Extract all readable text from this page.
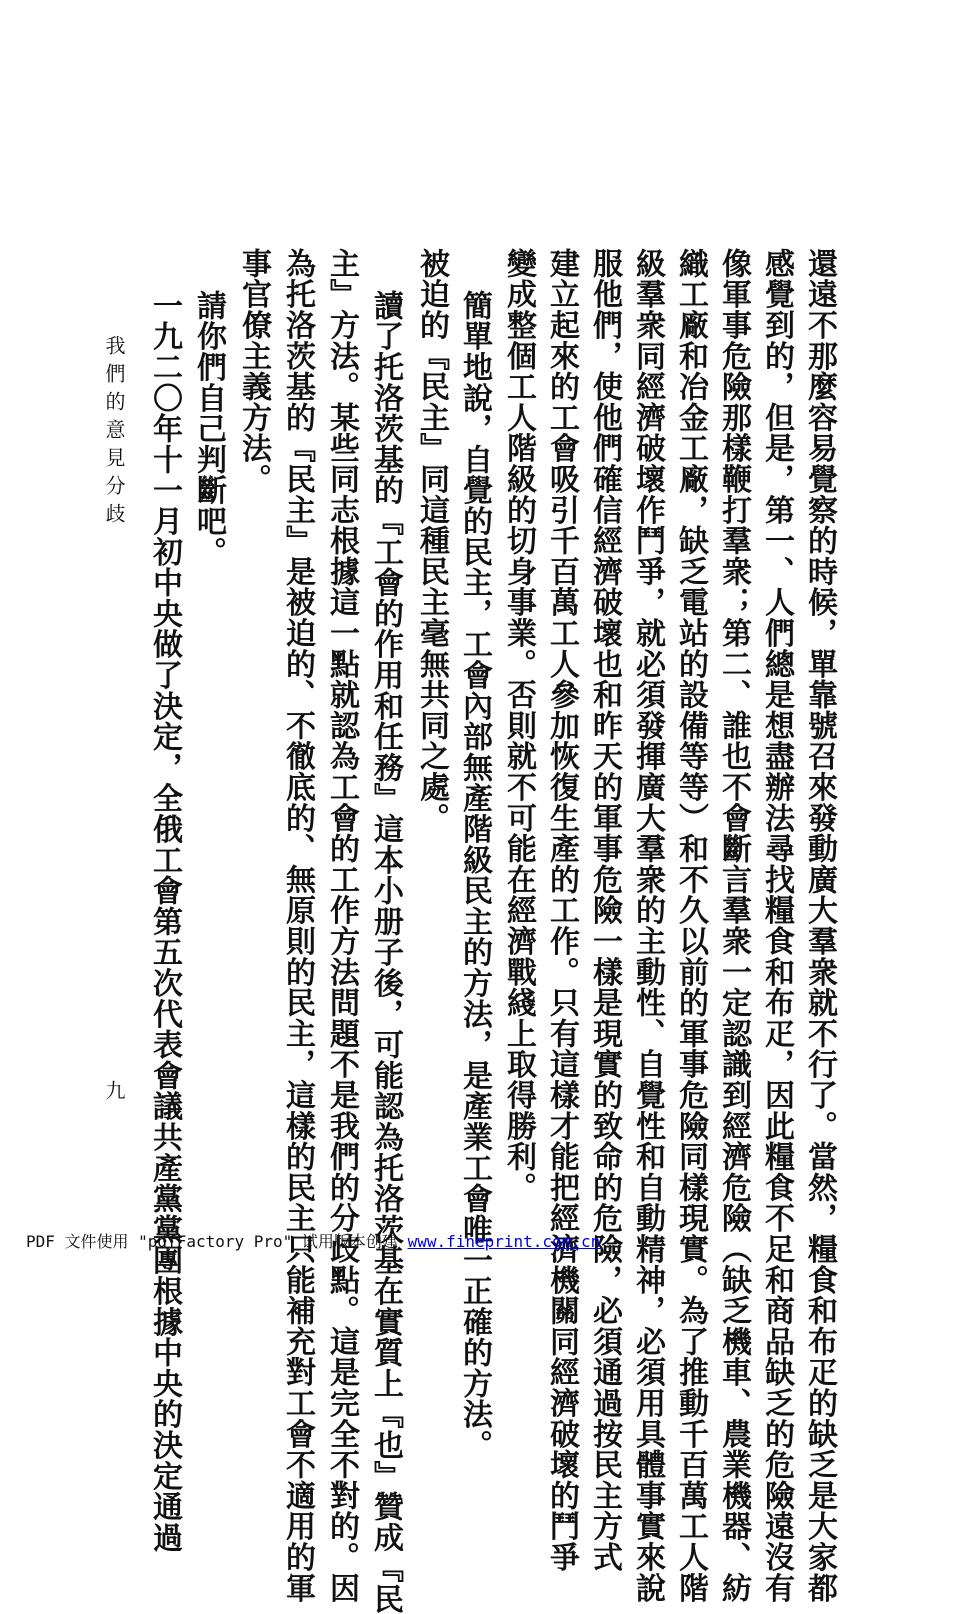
還遠不那麼容易覺察的時候，單靠號召來發動廣大羣衆就不行了。當然，糧食和布疋的缺乏是大家都
感覺到的，但是，第一、人們總是想盡辦法尋找糧食和布疋，因此糧食不足和商品缺乏的危險遠沒有
像軍事危險那樣鞭打羣衆；第二、誰也不會斷言羣衆一定認識到經濟危險（缺乏機車、農業機器、紡
織工廠和冶金工廠，缺乏電站的設備等等）和不久以前的軍事危險同樣現實。為了推動千百萬工人階
級羣衆同經濟破壞作鬥爭，就必須發揮廣大羣衆的主動性、自覺性和自動精神，必須用具體事實來說
服他們，使他們確信經濟破壞也和昨天的軍事危險一樣是現實的致命的危險，必須通過按民主方式
建立起來的工會吸引千百萬工人參加恢復生產的工作。只有這樣才能把經濟機關同經濟破壞的鬥爭
變成整個工人階級的切身事業。否則就不可能在經濟戰綫上取得勝利。
簡單地說，自覺的民主，工會內部無產階級民主的方法，是產業工會唯一正確的方法。
被迫的『民主』同這種民主毫無共同之處。
讀了托洛茨基的『工會的作用和任務』這本小册子後，可能認為托洛茨基在實質上『也』贊成『民
主』方法。某些同志根據這一點就認為工會的工作方法問題不是我們的分歧點。這是完全不對的。因
為托洛茨基的『民主』是被迫的、不徹底的、無原則的民主，這樣的民主只能補充對工會不適用的軍
事官僚主義方法。
請你們自己判斷吧。
一九二〇年十一月初中央做了決定，全俄工會第五次代表會議共產黨黨團根據中央的決定通過
我們的意見分歧
九
PDF 文件使用 "pdfFactory Pro" 试用版本创建 www.fineprint.com.cn
